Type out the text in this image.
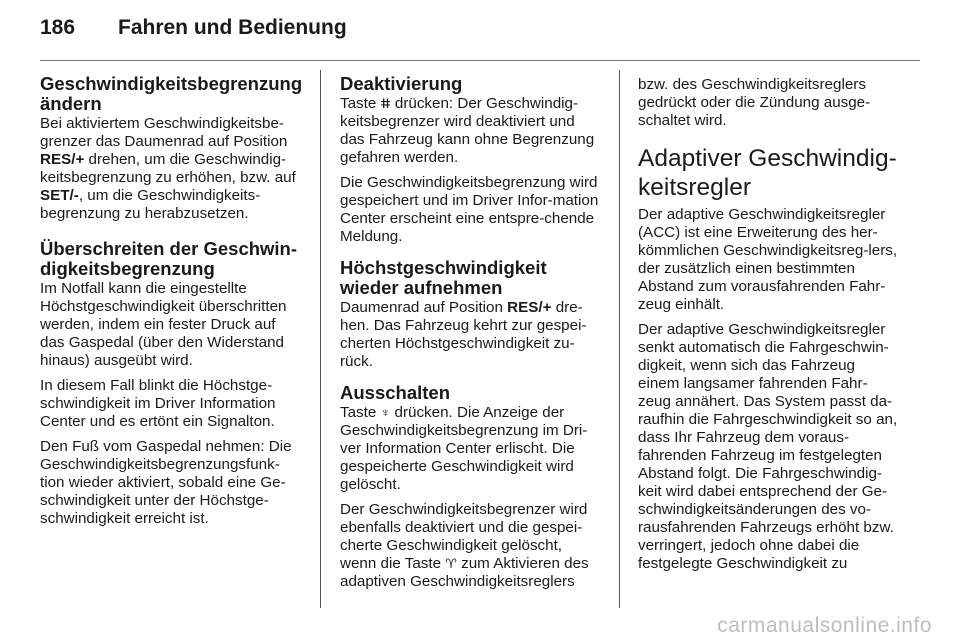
186 Fahren und Bedienung
Geschwindigkeitsbegrenzung ändern

Bei aktiviertem Geschwindigkeitsbe-grenzer das Daumenrad auf Position RES/+ drehen, um die Geschwindig-keitsbegrenzung zu erhöhen, bzw. auf SET/-, um die Geschwindigkeits-begrenzung zu herabzusetzen.

Überschreiten der Geschwin-digkeitsbegrenzung

Im Notfall kann die eingestellte Höchstgeschwindigkeit überschritten werden, indem ein fester Druck auf das Gaspedal (über den Widerstand hinaus) ausgeübt wird.

In diesem Fall blinkt die Höchstge-schwindigkeit im Driver Information Center und es ertönt ein Signalton.

Den Fuß vom Gaspedal nehmen: Die Geschwindigkeitsbegrenzungsfunk-tion wieder aktiviert, sobald eine Ge-schwindigkeit unter der Höchstge-schwindigkeit erreicht ist.

Deaktivierung

Taste ⵌ drücken: Der Geschwindig-keitsbegrenzer wird deaktiviert und das Fahrzeug kann ohne Begrenzung gefahren werden.

Die Geschwindigkeitsbegrenzung wird gespeichert und im Driver Infor-mation Center erscheint eine entspre-chende Meldung.

Höchstgeschwindigkeit wieder aufnehmen

Daumenrad auf Position RES/+ dre-hen. Das Fahrzeug kehrt zur gespei-cherten Höchstgeschwindigkeit zu-rück.

Ausschalten

Taste ♆ drücken. Die Anzeige der Geschwindigkeitsbegrenzung im Dri-ver Information Center erlischt. Die gespeicherte Geschwindigkeit wird gelöscht.

Der Geschwindigkeitsbegrenzer wird ebenfalls deaktiviert und die gespei-cherte Geschwindigkeit gelöscht, wenn die Taste ♈ zum Aktivieren des adaptiven Geschwindigkeitsreglers

bzw. des Geschwindigkeitsreglers gedrückt oder die Zündung ausge-schaltet wird.

Adaptiver Geschwindig-keitsregler

Der adaptive Geschwindigkeitsregler (ACC) ist eine Erweiterung des her-kömmlichen Geschwindigkeitsreg-lers, der zusätzlich einen bestimmten Abstand zum vorausfahrenden Fahr-zeug einhält.

Der adaptive Geschwindigkeitsregler senkt automatisch die Fahrgeschwin-digkeit, wenn sich das Fahrzeug einem langsamer fahrenden Fahr-zeug annähert. Das System passt da-raufhin die Fahrgeschwindigkeit so an, dass Ihr Fahrzeug dem voraus-fahrenden Fahrzeug im festgelegten Abstand folgt. Die Fahrgeschwindig-keit wird dabei entsprechend der Ge-schwindigkeitsänderungen des vo-rausfahrenden Fahrzeugs erhöht bzw. verringert, jedoch ohne dabei die festgelegte Geschwindigkeit zu

carmanualsonline.info
